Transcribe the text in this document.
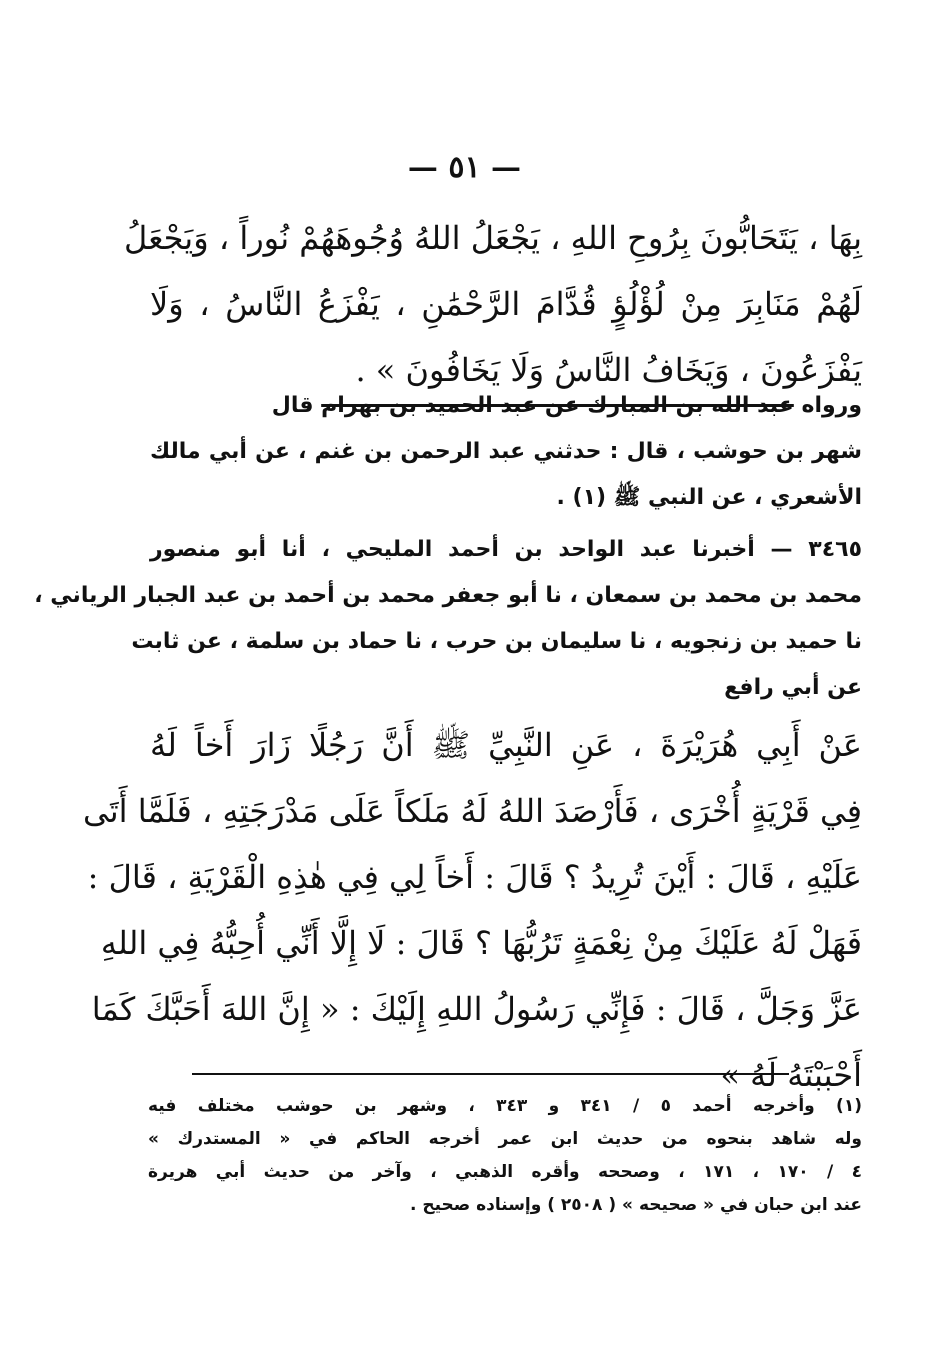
— ٥١ —
بِهَا ، يَتَحَابُّونَ بِرُوحِ اللهِ ، يَجْعَلُ اللهُ وُجُوهَهُمْ نُوراً ، وَيَجْعَلُ
لَهُمْ مَنَابِرَ مِنْ لُؤْلُؤٍ قُدَّامَ الرَّحْمَٰنِ ، يَفْزَعُ النَّاسُ ، وَلَا
يَفْزَعُونَ ، وَيَخَافُ النَّاسُ وَلَا يَخَافُونَ » .
ورواه عبد الله بن المبارك عن عبد الحميد بن بهرام قال
شهر بن حوشب ، قال : حدثني عبد الرحمن بن غنم ، عن أبي مالك
الأشعري ، عن النبي ﷺ (١) .
٣٤٦٥ — أخبرنا عبد الواحد بن أحمد المليحي ، أنا أبو منصور
محمد بن محمد بن سمعان ، نا أبو جعفر محمد بن أحمد بن عبد الجبار الرياني ،
نا حميد بن زنجويه ، نا سليمان بن حرب ، نا حماد بن سلمة ، عن ثابت
عن أبي رافع
عَنْ أَبِي هُرَيْرَةَ ، عَنِ النَّبِيِّ ﷺ أَنَّ رَجُلًا زَارَ أَخاً لَهُ
فِي قَرْيَةٍ أُخْرَى ، فَأَرْصَدَ اللهُ لَهُ مَلَكاً عَلَى مَدْرَجَتِهِ ، فَلَمَّا أَتَى
عَلَيْهِ ، قَالَ : أَيْنَ تُرِيدُ ؟ قَالَ : أَخاً لِي فِي هٰذِهِ الْقَرْيَةِ ، قَالَ :
فَهَلْ لَهُ عَلَيْكَ مِنْ نِعْمَةٍ تَرُبُّهَا ؟ قَالَ : لَا إِلَّا أَنِّي أُحِبُّهُ فِي اللهِ
عَزَّ وَجَلَّ ، قَالَ : فَإِنِّي رَسُولُ اللهِ إِلَيْكَ : « إِنَّ اللهَ أَحَبَّكَ كَمَا
أَحْبَبْتَهُ لَهُ »
(١) وأخرجه أحمد ٥ / ٣٤١ و ٣٤٣ ، وشهر بن حوشب مختلف فيه
وله شاهد بنحوه من حديث ابن عمر أخرجه الحاكم في « المستدرك »
٤ / ١٧٠ ، ١٧١ ، وصححه وأقره الذهبي ، وآخر من حديث أبي هريرة
عند ابن حبان في « صحيحه » ( ٢٥٠٨ ) وإسناده صحيح .
